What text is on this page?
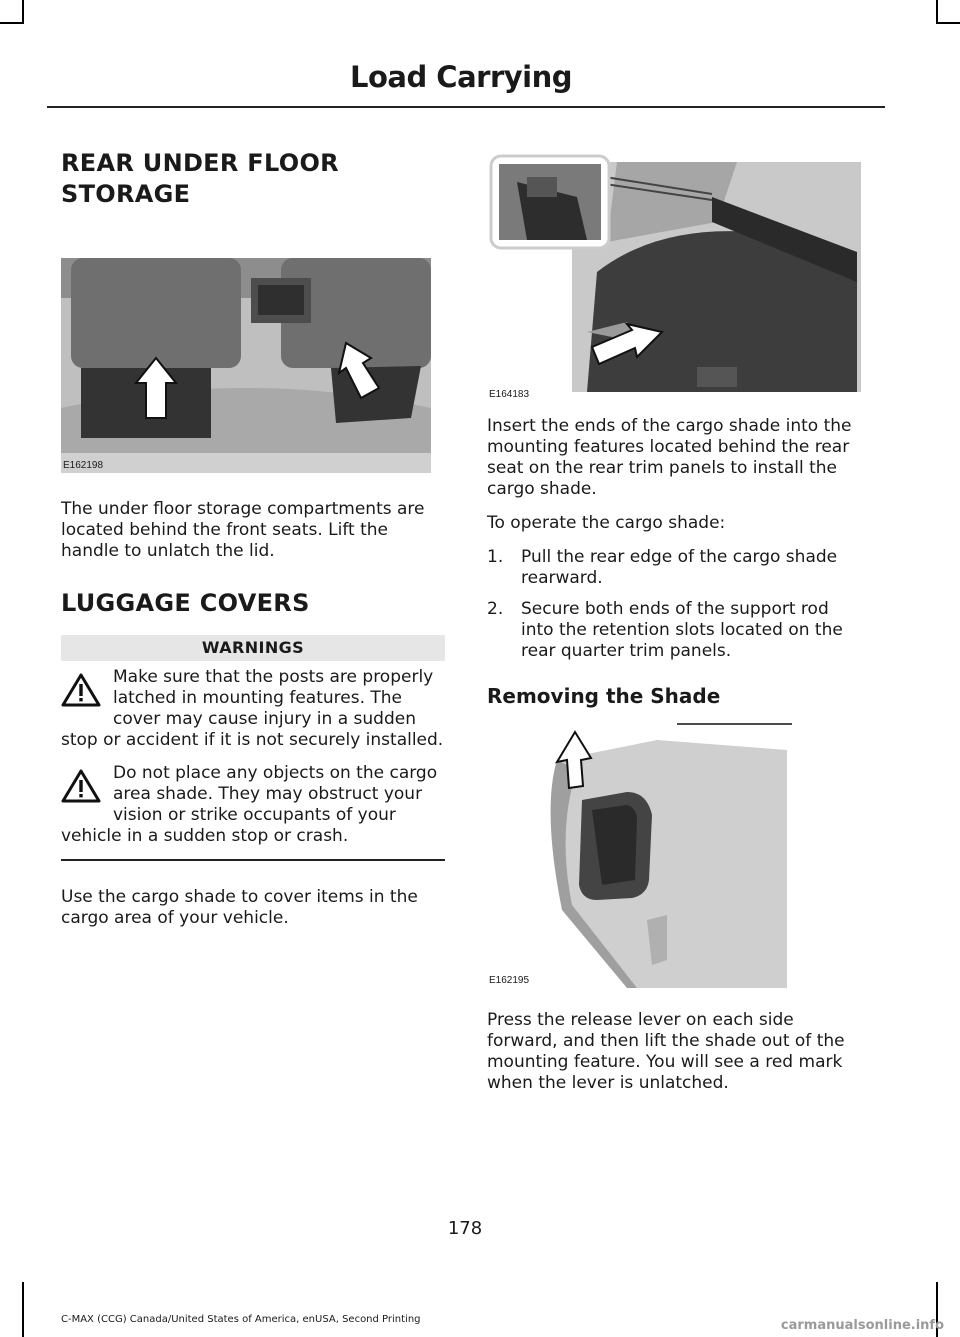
Load Carrying
REAR UNDER FLOOR
STORAGE
E162198

The under floor storage compartments are located behind the front seats. Lift the handle to unlatch the lid.

LUGGAGE COVERS
WARNINGS
Make sure that the posts are properly latched in mounting features. The cover may cause injury in a sudden stop or accident if it is not securely installed.
Do not place any objects on the cargo area shade. They may obstruct your vision or strike occupants of your vehicle in a sudden stop or crash.

Use the cargo shade to cover items in the cargo area of your vehicle.

E164183

Insert the ends of the cargo shade into the mounting features located behind the rear seat on the rear trim panels to install the cargo shade.

To operate the cargo shade:

1. Pull the rear edge of the cargo shade rearward.
2. Secure both ends of the support rod into the retention slots located on the rear quarter trim panels.
Removing the Shade
E162195

Press the release lever on each side forward, and then lift the shade out of the mounting feature. You will see a red mark when the lever is unlatched.

178
C-MAX (CCG) Canada/United States of America, enUSA, Second Printing	carmanualsonline.info
